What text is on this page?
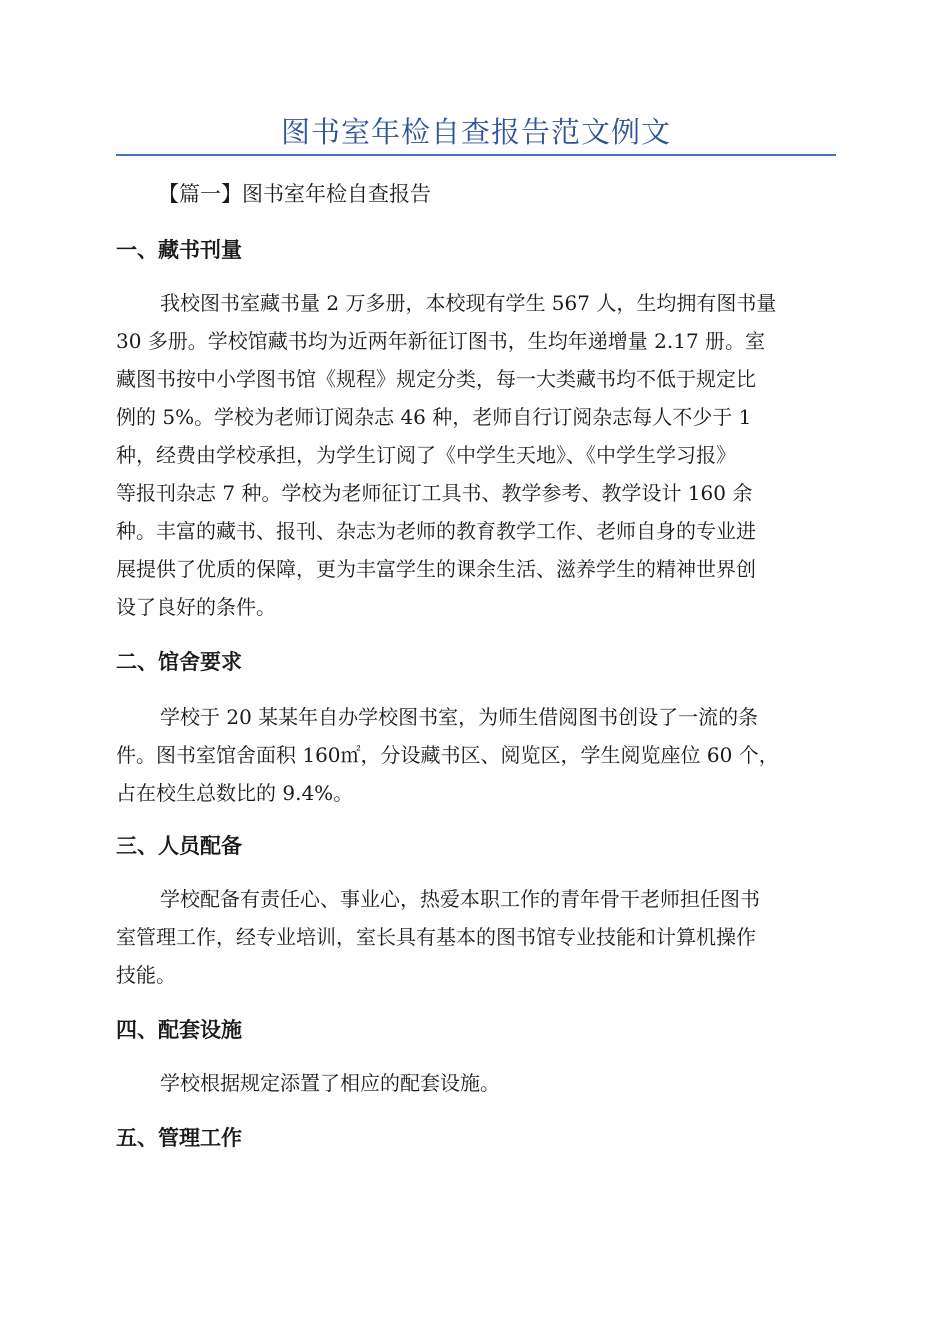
图书室年检自查报告范文例文
【篇一】图书室年检自查报告
一、藏书刊量
我校图书室藏书量 2 万多册，本校现有学生 567 人，生均拥有图书量
30 多册。学校馆藏书均为近两年新征订图书，生均年递增量 2.17 册。室
藏图书按中小学图书馆《规程》规定分类，每一大类藏书均不低于规定比
例的 5%。学校为老师订阅杂志 46 种，老师自行订阅杂志每人不少于 1
种，经费由学校承担，为学生订阅了《中学生天地》、《中学生学习报》
等报刊杂志 7 种。学校为老师征订工具书、教学参考、教学设计 160 余
种。丰富的藏书、报刊、杂志为老师的教育教学工作、老师自身的专业进
展提供了优质的保障，更为丰富学生的课余生活、滋养学生的精神世界创
设了良好的条件。
二、馆舍要求
学校于 20 某某年自办学校图书室，为师生借阅图书创设了一流的条
件。图书室馆舍面积 160㎡，分设藏书区、阅览区，学生阅览座位 60 个，
占在校生总数比的 9.4%。
三、人员配备
学校配备有责任心、事业心，热爱本职工作的青年骨干老师担任图书
室管理工作，经专业培训，室长具有基本的图书馆专业技能和计算机操作
技能。
四、配套设施
学校根据规定添置了相应的配套设施。
五、管理工作
